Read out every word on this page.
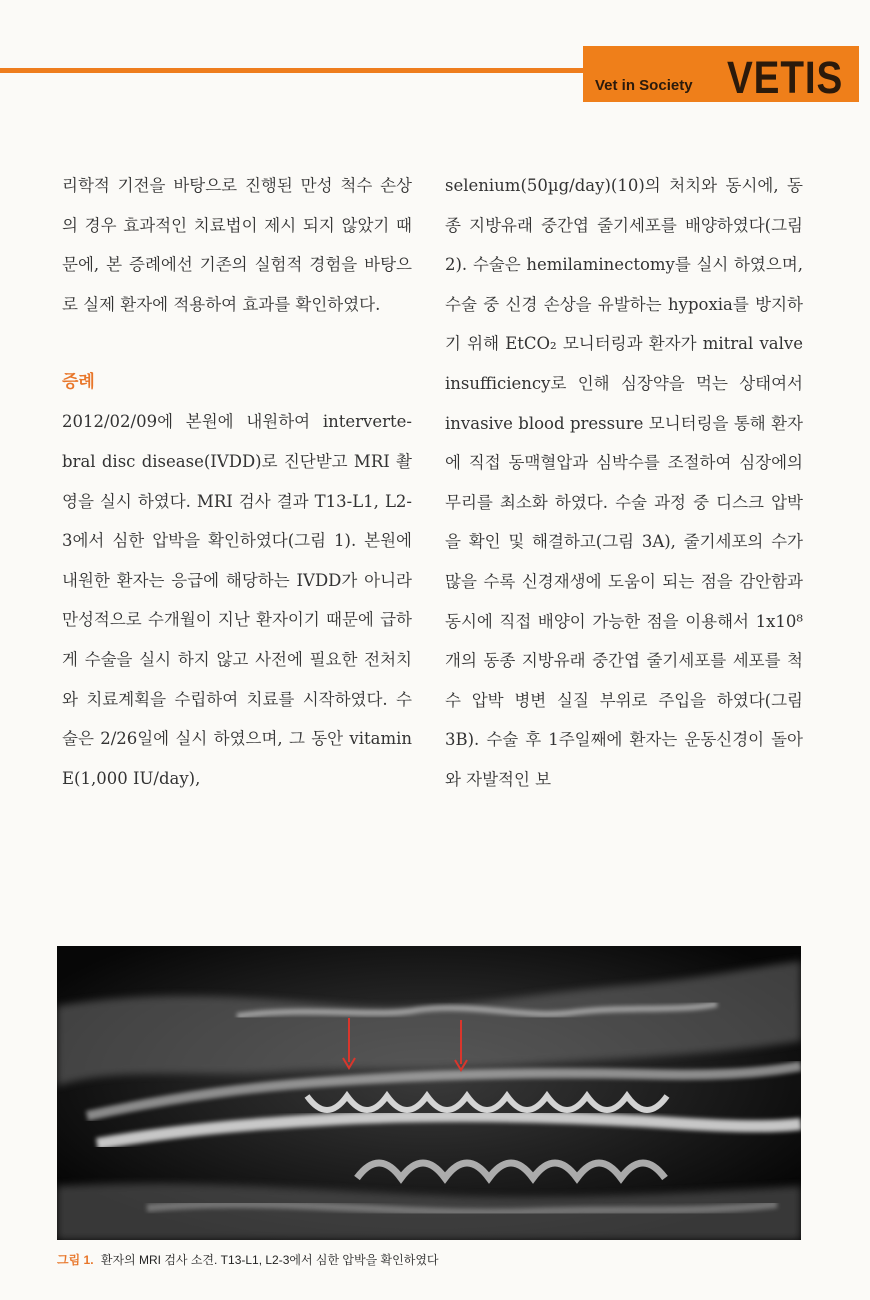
Vet in Society VETIS

리학적 기전을 바탕으로 진행된 만성 척수 손상의 경우 효과적인 치료법이 제시 되지 않았기 때문에, 본 증례에선 기존의 실험적 경험을 바탕으로 실제 환자에 적용하여 효과를 확인하였다.

증례

2012/02/09에 본원에 내원하여 interverte-bral disc disease(IVDD)로 진단받고 MRI 촬영을 실시 하였다. MRI 검사 결과 T13-L1, L2-3에서 심한 압박을 확인하였다(그림 1). 본원에 내원한 환자는 응급에 해당하는 IVDD가 아니라 만성적으로 수개월이 지난 환자이기 때문에 급하게 수술을 실시 하지 않고 사전에 필요한 전처치와 치료계획을 수립하여 치료를 시작하였다. 수술은 2/26일에 실시 하였으며, 그 동안 vitamin E(1,000 IU/day),

selenium(50µg/day)(10)의 처치와 동시에, 동종 지방유래 중간엽 줄기세포를 배양하였다(그림 2). 수술은 hemilaminectomy를 실시 하였으며, 수술 중 신경 손상을 유발하는 hypoxia를 방지하기 위해 EtCO₂ 모니터링과 환자가 mitral valve insufficiency로 인해 심장약을 먹는 상태여서 invasive blood pressure 모니터링을 통해 환자에 직접 동맥혈압과 심박수를 조절하여 심장에의 무리를 최소화 하였다. 수술 과정 중 디스크 압박을 확인 및 해결하고(그림 3A), 줄기세포의 수가 많을 수록 신경재생에 도움이 되는 점을 감안함과 동시에 직접 배양이 가능한 점을 이용해서 1x10⁸개의 동종 지방유래 중간엽 줄기세포를 세포를 척수 압박 병변 실질 부위로 주입을 하였다(그림 3B). 수술 후 1주일째에 환자는 운동신경이 돌아와 자발적인 보

그림 1. 환자의 MRI 검사 소견. T13-L1, L2-3에서 심한 압박을 확인하였다
